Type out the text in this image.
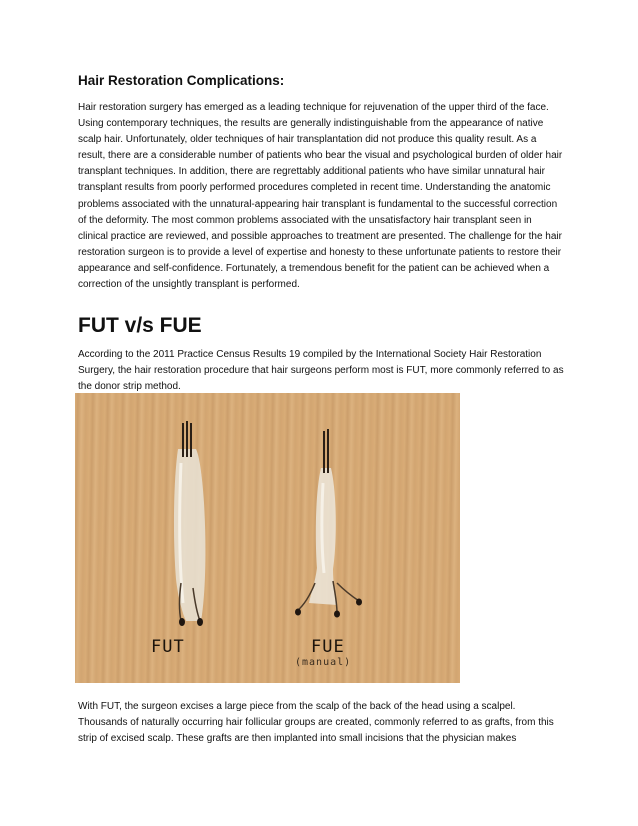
Hair Restoration Complications:
Hair restoration surgery has emerged as a leading technique for rejuvenation of the upper third of the face. Using contemporary techniques, the results are generally indistinguishable from the appearance of native scalp hair. Unfortunately, older techniques of hair transplantation did not produce this quality result. As a result, there are a considerable number of patients who bear the visual and psychological burden of older hair transplant techniques. In addition, there are regrettably additional patients who have similar unnatural hair transplant results from poorly performed procedures completed in recent time. Understanding the anatomic problems associated with the unnatural-appearing hair transplant is fundamental to the successful correction of the deformity. The most common problems associated with the unsatisfactory hair transplant seen in clinical practice are reviewed, and possible approaches to treatment are presented. The challenge for the hair restoration surgeon is to provide a level of expertise and honesty to these unfortunate patients to restore their appearance and self-confidence. Fortunately, a tremendous benefit for the patient can be achieved when a correction of the unsightly transplant is performed.
FUT v/s FUE
According to the 2011 Practice Census Results 19 compiled by the International Society Hair Restoration Surgery, the hair restoration procedure that hair surgeons perform most is FUT, more commonly referred to as the donor strip method.
FUT	FUE
(manual)
With FUT, the surgeon excises a large piece from the scalp of the back of the head using a scalpel. Thousands of naturally occurring hair follicular groups are created, commonly referred to as grafts, from this strip of excised scalp. These grafts are then implanted into small incisions that the physician makes
